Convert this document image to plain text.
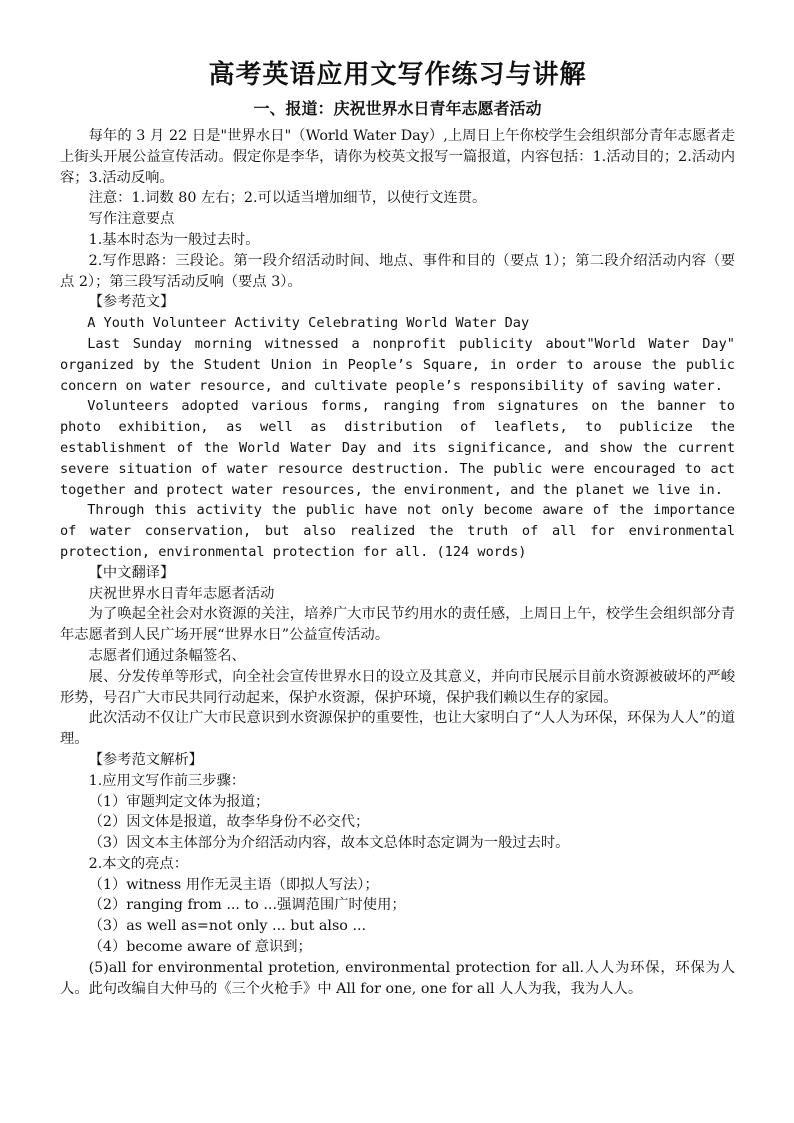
高考英语应用文写作练习与讲解
一、报道：庆祝世界水日青年志愿者活动

每年的 3 月 22 日是"世界水日"（World Water Day）,上周日上午你校学生会组织部分青年志愿者走上街头开展公益宣传活动。假定你是李华，请你为校英文报写一篇报道，内容包括：1.活动目的；2.活动内容；3.活动反响。

注意：1.词数 80 左右；2.可以适当增加细节，以使行文连贯。

写作注意要点

1.基本时态为一般过去时。

2.写作思路：三段论。第一段介绍活动时间、地点、事件和目的（要点 1）；第二段介绍活动内容（要点 2）；第三段写活动反响（要点 3）。

【参考范文】

A Youth Volunteer Activity Celebrating World Water Day

Last Sunday morning witnessed a nonprofit publicity about"World Water Day" organized by the Student Union in People’s Square, in order to arouse the public concern on water resource, and cultivate people’s responsibility of saving water.

Volunteers adopted various forms, ranging from signatures on the banner to photo exhibition, as well as distribution of leaflets, to publicize the establishment of the World Water Day and its significance, and show the current severe situation of water resource destruction. The public were encouraged to act together and protect water resources, the environment, and the planet we live in.

Through this activity the public have not only become aware of the importance of water conservation, but also realized the truth of all for environmental protection, environmental protection for all. (124 words)

【中文翻译】

庆祝世界水日青年志愿者活动

为了唤起全社会对水资源的关注，培养广大市民节约用水的责任感，上周日上午，校学生会组织部分青年志愿者到人民广场开展“世界水日”公益宣传活动。

志愿者们通过条幅签名、

展、分发传单等形式，向全社会宣传世界水日的设立及其意义，并向市民展示目前水资源被破坏的严峻形势，号召广大市民共同行动起来，保护水资源，保护环境，保护我们赖以生存的家园。

此次活动不仅让广大市民意识到水资源保护的重要性，也让大家明白了“人人为环保，环保为人人”的道理。

【参考范文解析】

1.应用文写作前三步骤：

（1）审题判定文体为报道；

（2）因文体是报道，故李华身份不必交代；

（3）因文本主体部分为介绍活动内容，故本文总体时态定调为一般过去时。

2.本文的亮点：

（1）witness 用作无灵主语（即拟人写法）；

（2）ranging from ... to ...强调范围广时使用；

（3）as well as=not only ... but also ...

（4）become aware of 意识到；

(5)all for environmental protetion, environmental protection for all.人人为环保，环保为人人。此句改编自大仲马的《三个火枪手》中 All for one, one for all 人人为我，我为人人。
